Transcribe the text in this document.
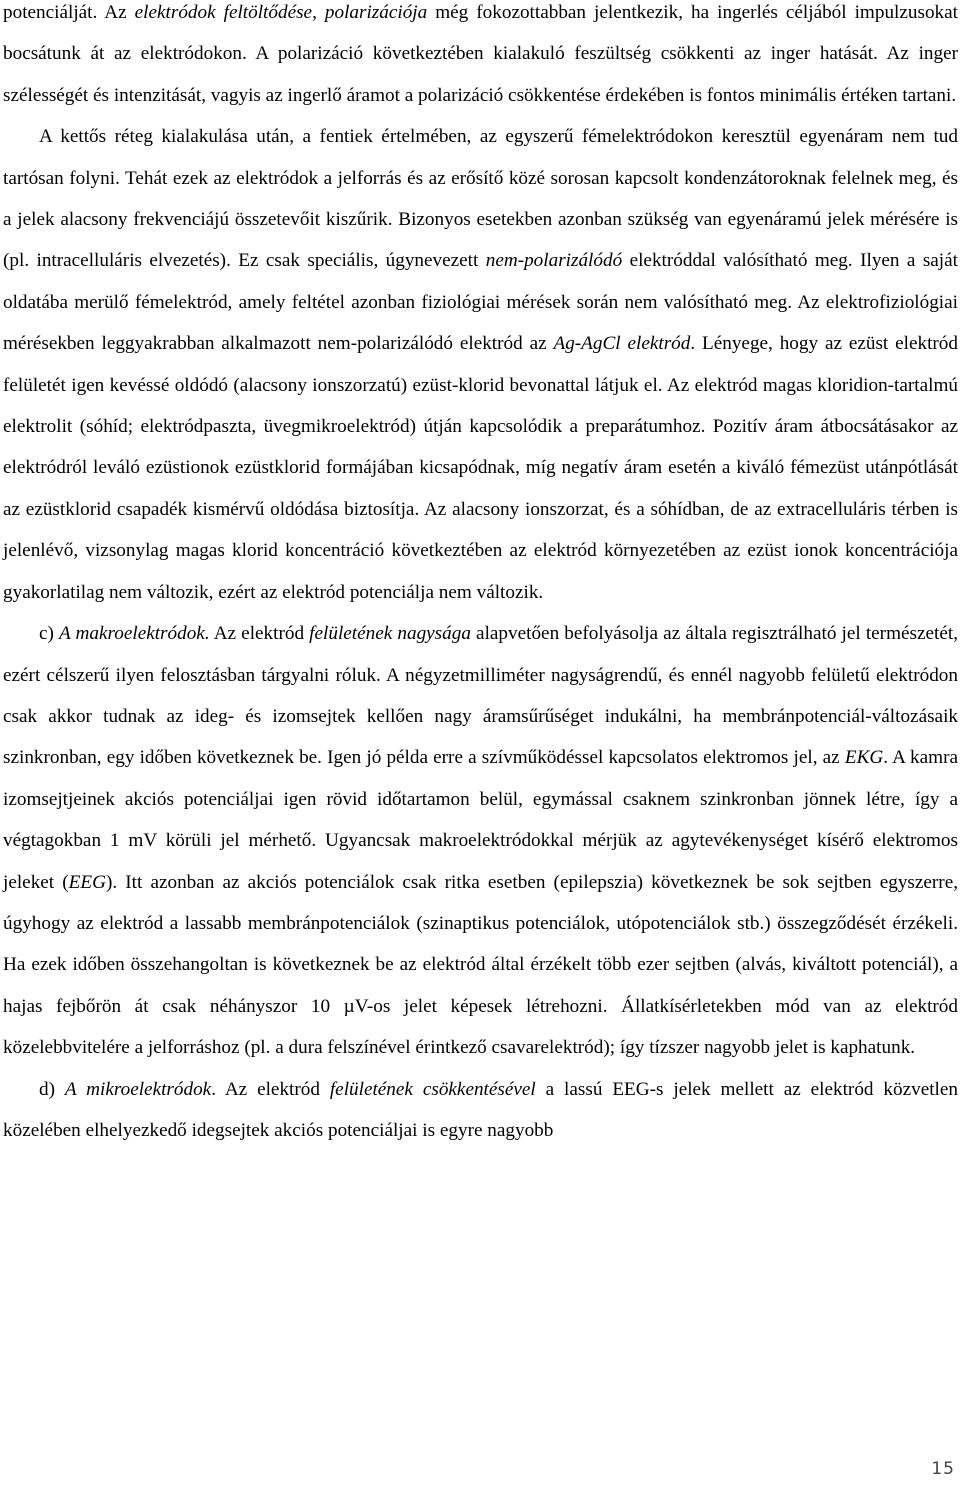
potenciálját. Az elektródok feltöltődése, polarizációja még fokozottabban jelentkezik, ha ingerlés céljából impulzusokat bocsátunk át az elektródokon. A polarizáció következtében kialakuló feszültség csökkenti az inger hatását. Az inger szélességét és intenzitását, vagyis az ingerlő áramot a polarizáció csökkentése érdekében is fontos minimális értéken tartani.

A kettős réteg kialakulása után, a fentiek értelmében, az egyszerű fémelektródokon keresztül egyenáram nem tud tartósan folyni. Tehát ezek az elektródok a jelforrás és az erősítő közé sorosan kapcsolt kondenzátoroknak felelnek meg, és a jelek alacsony frekvenciájú összetevőit kiszűrik. Bizonyos esetekben azonban szükség van egyenáramú jelek mérésére is (pl. intracelluláris elvezetés). Ez csak speciális, úgynevezett nem-polarizálódó elektróddal valósítható meg. Ilyen a saját oldatába merülő fémelektród, amely feltétel azonban fiziológiai mérések során nem valósítható meg. Az elektrofiziológiai mérésekben leggyakrabban alkalmazott nem-polarizálódó elektród az Ag-AgCl elektród. Lényege, hogy az ezüst elektród felületét igen kevéssé oldódó (alacsony ionszorzatú) ezüst-klorid bevonattal látjuk el. Az elektród magas kloridion-tartalmú elektrolit (sóhíd; elektródpaszta, üvegmikroelektród) útján kapcsolódik a preparátumhoz. Pozitív áram átbocsátásakor az elektródról leváló ezüstionok ezüstklorid formájában kicsapódnak, míg negatív áram esetén a kiváló fémezüst utánpótlását az ezüstklorid csapadék kismérvű oldódása biztosítja. Az alacsony ionszorzat, és a sóhídban, de az extracelluláris térben is jelenlévő, vizsonylag magas klorid koncentráció következtében az elektród környezetében az ezüst ionok koncentrációja gyakorlatilag nem változik, ezért az elektród potenciálja nem változik.

c) A makroelektródok. Az elektród felületének nagysága alapvetően befolyásolja az általa regisztrálható jel természetét, ezért célszerű ilyen felosztásban tárgyalni róluk. A négyzetmilliméter nagyságrendű, és ennél nagyobb felületű elektródon csak akkor tudnak az ideg- és izomsejtek kellően nagy áramsűrűséget indukálni, ha membránpotenciál-változásaik szinkronban, egy időben következnek be. Igen jó példa erre a szívműködéssel kapcsolatos elektromos jel, az EKG. A kamra izomsejtjeinek akciós potenciáljai igen rövid időtartamon belül, egymással csaknem szinkronban jönnek létre, így a végtagokban 1 mV körüli jel mérhető. Ugyancsak makroelektródokkal mérjük az agytevékenységet kísérő elektromos jeleket (EEG). Itt azonban az akciós potenciálok csak ritka esetben (epilepszia) következnek be sok sejtben egyszerre, úgyhogy az elektród a lassabb membránpotenciálok (szinaptikus potenciálok, utópotenciálok stb.) összegződését érzékeli. Ha ezek időben összehangoltan is következnek be az elektród által érzékelt több ezer sejtben (alvás, kiváltott potenciál), a hajas fejbőrön át csak néhányszor 10 µV-os jelet képesek létrehozni. Állatkísérletekben mód van az elektród közelebbvitelére a jelforráshoz (pl. a dura felszínével érintkező csavarelektród); így tízszer nagyobb jelet is kaphatunk.

d) A mikroelektródok. Az elektród felületének csökkentésével a lassú EEG-s jelek mellett az elektród közvetlen közelében elhelyezkedő idegsejtek akciós potenciáljai is egyre nagyobb

15
